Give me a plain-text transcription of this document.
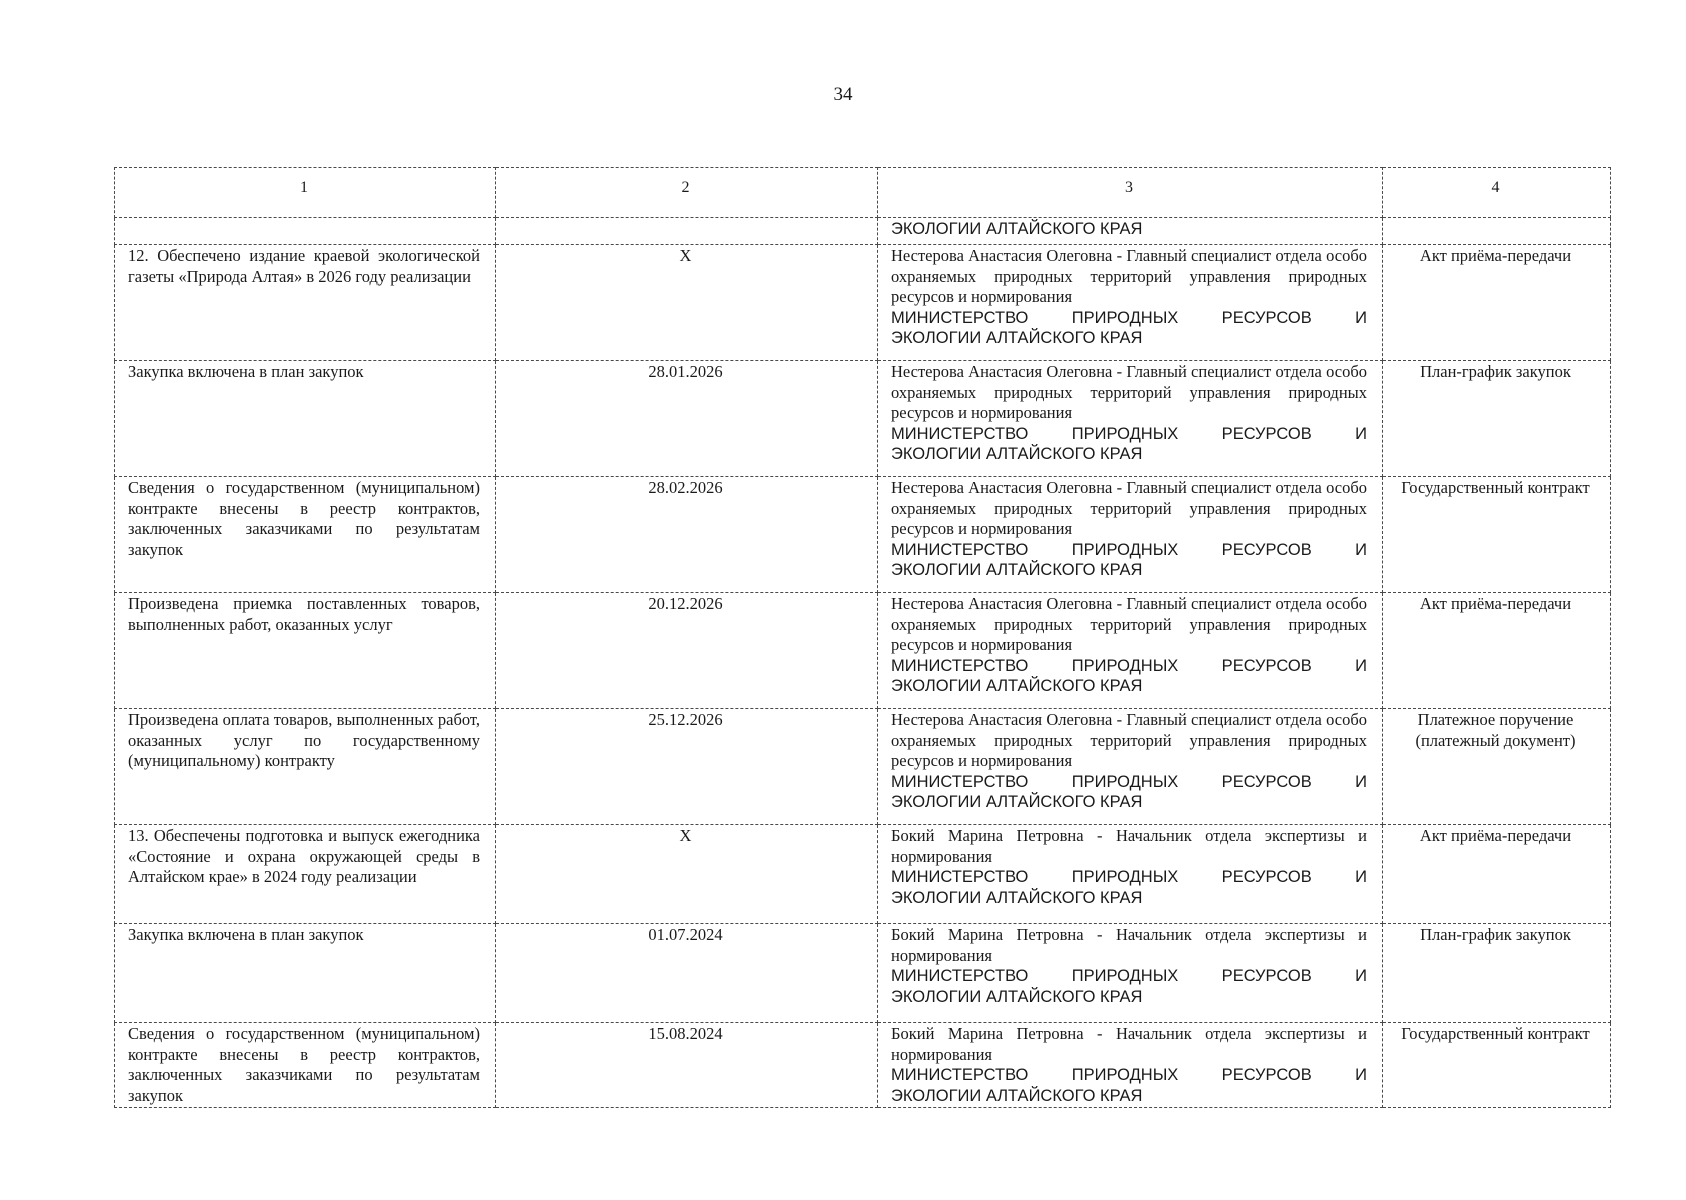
34
1	2	3	4

		ЭКОЛОГИИ АЛТАЙСКОГО КРАЯ	

12. Обеспечено издание краевой экологической газеты «Природа Алтая» в 2026 году реализации	X	Нестерова Анастасия Олеговна - Главный специалист отдела особо охраняемых природных территорий управления природных ресурсов и нормирования
МИНИСТЕРСТВО ПРИРОДНЫХ РЕСУРСОВ И
ЭКОЛОГИИ АЛТАЙСКОГО КРАЯ	Акт приёма-передачи
Закупка включена в план закупок	28.01.2026	Нестерова Анастасия Олеговна - Главный специалист отдела особо охраняемых природных территорий управления природных ресурсов и нормирования
МИНИСТЕРСТВО ПРИРОДНЫХ РЕСУРСОВ И
ЭКОЛОГИИ АЛТАЙСКОГО КРАЯ	План-график закупок
Сведения о государственном (муниципальном) контракте внесены в реестр контрактов, заключенных заказчиками по результатам закупок	28.02.2026	Нестерова Анастасия Олеговна - Главный специалист отдела особо охраняемых природных территорий управления природных ресурсов и нормирования
МИНИСТЕРСТВО ПРИРОДНЫХ РЕСУРСОВ И
ЭКОЛОГИИ АЛТАЙСКОГО КРАЯ	Государственный контракт
Произведена приемка поставленных товаров, выполненных работ, оказанных услуг	20.12.2026	Нестерова Анастасия Олеговна - Главный специалист отдела особо охраняемых природных территорий управления природных ресурсов и нормирования
МИНИСТЕРСТВО ПРИРОДНЫХ РЕСУРСОВ И
ЭКОЛОГИИ АЛТАЙСКОГО КРАЯ	Акт приёма-передачи
Произведена оплата товаров, выполненных работ, оказанных услуг по государственному (муниципальному) контракту	25.12.2026	Нестерова Анастасия Олеговна - Главный специалист отдела особо охраняемых природных территорий управления природных ресурсов и нормирования
МИНИСТЕРСТВО ПРИРОДНЫХ РЕСУРСОВ И
ЭКОЛОГИИ АЛТАЙСКОГО КРАЯ	Платежное поручение (платежный документ)
13. Обеспечены подготовка и выпуск ежегодника «Состояние и охрана окружающей среды в Алтайском крае» в 2024 году реализации	X	Бокий Марина Петровна - Начальник отдела экспертизы и нормирования
МИНИСТЕРСТВО ПРИРОДНЫХ РЕСУРСОВ И
ЭКОЛОГИИ АЛТАЙСКОГО КРАЯ	Акт приёма-передачи
Закупка включена в план закупок	01.07.2024	Бокий Марина Петровна - Начальник отдела экспертизы и нормирования
МИНИСТЕРСТВО ПРИРОДНЫХ РЕСУРСОВ И
ЭКОЛОГИИ АЛТАЙСКОГО КРАЯ	План-график закупок
Сведения о государственном (муниципальном) контракте внесены в реестр контрактов, заключенных заказчиками по результатам закупок	15.08.2024	Бокий Марина Петровна - Начальник отдела экспертизы и нормирования
МИНИСТЕРСТВО ПРИРОДНЫХ РЕСУРСОВ И
ЭКОЛОГИИ АЛТАЙСКОГО КРАЯ	Государственный контракт
